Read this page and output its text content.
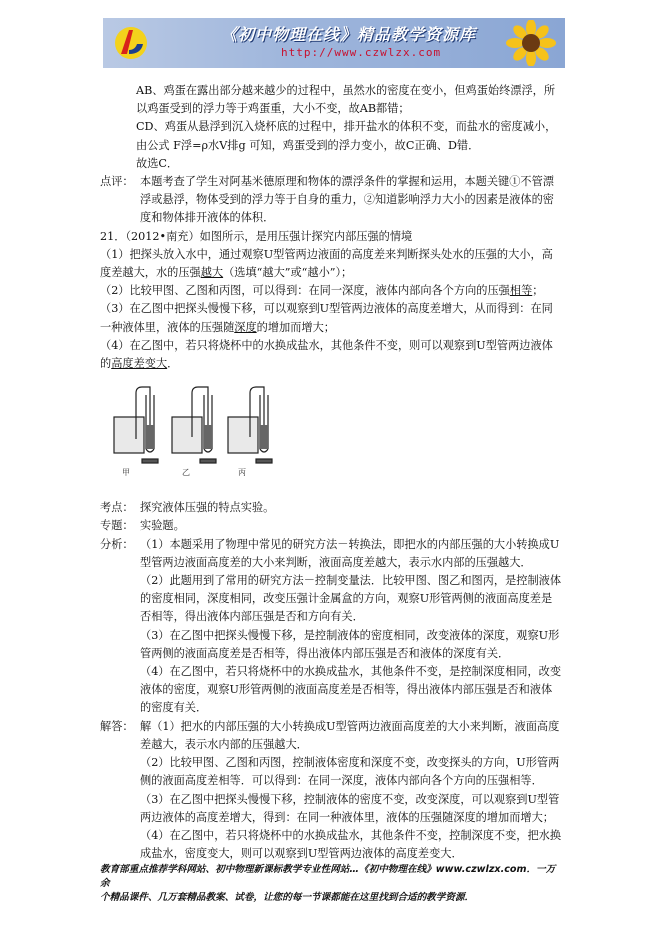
《初中物理在线》精品教学资源库
http://www.czwlzx.com

AB、鸡蛋在露出部分越来越少的过程中，虽然水的密度在变小，但鸡蛋始终漂浮，所以鸡蛋受到的浮力等于鸡蛋重，大小不变，故AB都错；

CD、鸡蛋从悬浮到沉入烧杯底的过程中，排开盐水的体积不变，而盐水的密度减小，由公式 F浮=ρ水V排g 可知，鸡蛋受到的浮力变小，故C正确、D错．

故选C．

点评： 本题考查了学生对阿基米德原理和物体的漂浮条件的掌握和运用，本题关键①不管漂浮或悬浮，物体受到的浮力等于自身的重力，②知道影响浮力大小的因素是液体的密度和物体排开液体的体积．

21．（2012•南充）如图所示，是用压强计探究内部压强的情境

（1）把探头放入水中，通过观察U型管两边液面的高度差来判断探头处水的压强的大小，高度差越大，水的压强越大（选填“越大”或“越小”）；

（2）比较甲图、乙图和丙图，可以得到：在同一深度，液体内部向各个方向的压强相等；

（3）在乙图中把探头慢慢下移，可以观察到U型管两边液体的高度差增大，从而得到：在同一种液体里，液体的压强随深度的增加而增大；

（4）在乙图中，若只将烧杯中的水换成盐水，其他条件不变，则可以观察到U型管两边液体的高度差变大．

甲	乙	丙
考点： 探究液体压强的特点实验。
专题： 实验题。
分析： （1）本题采用了物理中常见的研究方法－转换法，即把水的内部压强的大小转换成U型管两边液面高度差的大小来判断，液面高度差越大，表示水内部的压强越大．

（2）此题用到了常用的研究方法－控制变量法．比较甲图、图乙和图丙，是控制液体的密度相同，深度相同，改变压强计金属盒的方向，观察U形管两侧的液面高度差是否相等，得出液体内部压强是否和方向有关．

（3）在乙图中把探头慢慢下移，是控制液体的密度相同，改变液体的深度，观察U形管两侧的液面高度差是否相等，得出液体内部压强是否和液体的深度有关．

（4）在乙图中，若只将烧杯中的水换成盐水，其他条件不变，是控制深度相同，改变液体的密度，观察U形管两侧的液面高度差是否相等，得出液体内部压强是否和液体的密度有关．

解答： 解（1）把水的内部压强的大小转换成U型管两边液面高度差的大小来判断，液面高度差越大，表示水内部的压强越大．

（2）比较甲图、乙图和丙图，控制液体密度和深度不变，改变探头的方向，U形管两侧的液面高度差相等．可以得到：在同一深度，液体内部向各个方向的压强相等．

（3）在乙图中把探头慢慢下移，控制液体的密度不变，改变深度，可以观察到U型管两边液体的高度差增大，得到：在同一种液体里，液体的压强随深度的增加而增大；

（4）在乙图中，若只将烧杯中的水换成盐水，其他条件不变，控制深度不变，把水换成盐水，密度变大，则可以观察到U型管两边液体的高度差变大．

教育部重点推荐学科网站、初中物理新课标教学专业性网站…《初中物理在线》www.czwlzx.com．一万余
个精品课件、几万套精品教案、试卷，让您的每一节课都能在这里找到合适的教学资源．
